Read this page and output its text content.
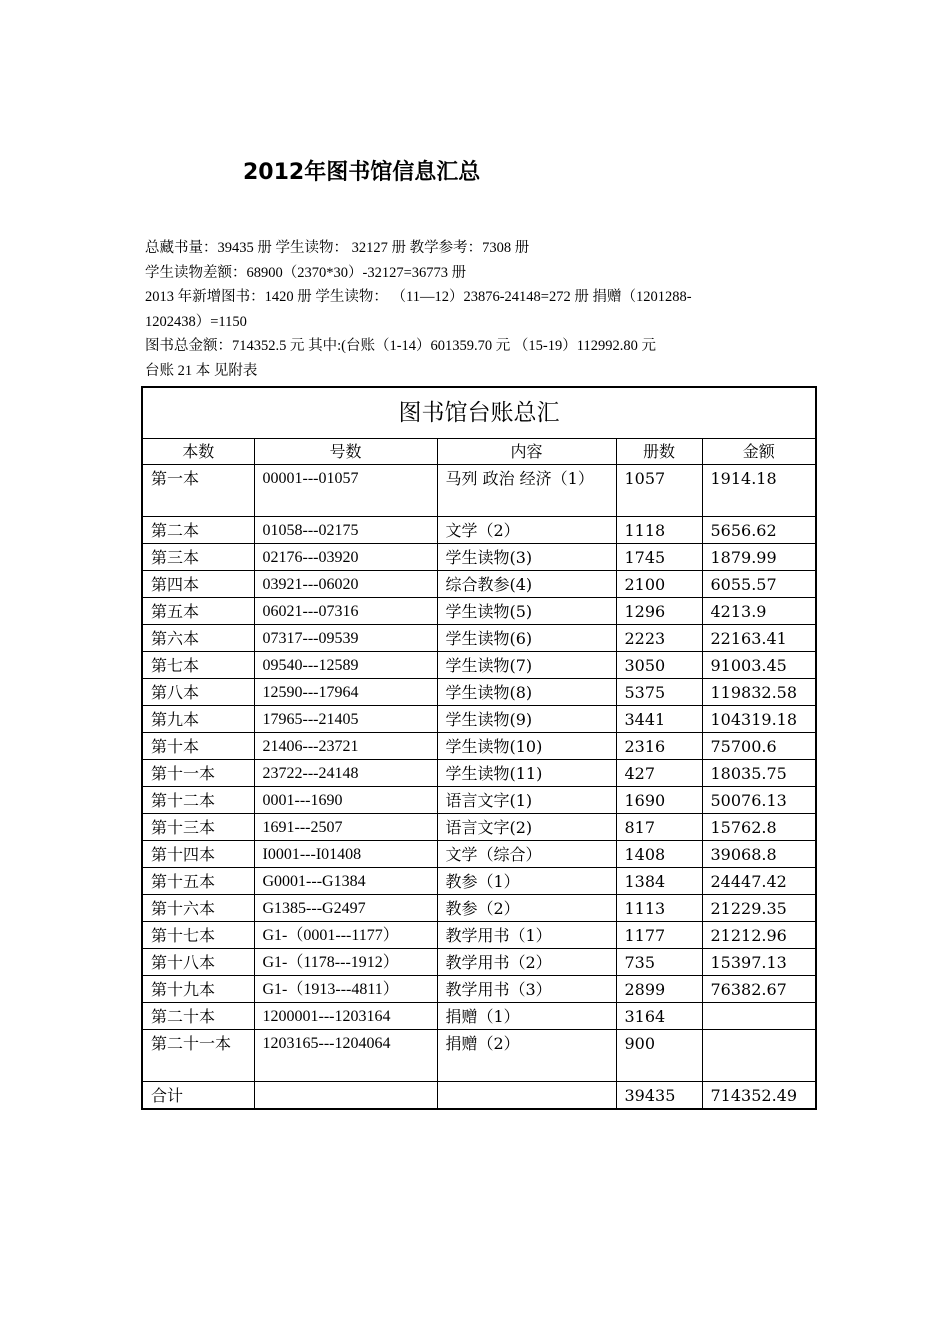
2012年图书馆信息汇总

总藏书量：39435 册 学生读物： 32127 册 教学参考：7308 册

学生读物差额：68900（2370*30）-32127=36773 册

2013 年新增图书：1420 册 学生读物： （11—12）23876-24148=272 册 捐赠（1201288-

1202438）=1150

图书总金额：714352.5 元 其中:(台账（1-14）601359.70 元 （15-19）112992.80 元

台账 21 本 见附表

图书馆台账总汇				
本数	号数	内容	册数	金额
第一本	00001---01057	马列 政治 经济（1）	1057	1914.18
第二本	01058---02175	文学（2）	1118	5656.62
第三本	02176---03920	学生读物(3)	1745	1879.99
第四本	03921---06020	综合教参(4)	2100	6055.57
第五本	06021---07316	学生读物(5)	1296	4213.9
第六本	07317---09539	学生读物(6)	2223	22163.41
第七本	09540---12589	学生读物(7)	3050	91003.45
第八本	12590---17964	学生读物(8)	5375	119832.58
第九本	17965---21405	学生读物(9)	3441	104319.18
第十本	21406---23721	学生读物(10)	2316	75700.6
第十一本	23722---24148	学生读物(11)	427	18035.75
第十二本	0001---1690	语言文字(1)	1690	50076.13
第十三本	1691---2507	语言文字(2)	817	15762.8
第十四本	I0001---I01408	文学（综合）	1408	39068.8
第十五本	G0001---G1384	教参（1）	1384	24447.42
第十六本	G1385---G2497	教参（2）	1113	21229.35
第十七本	G1-（0001---1177）	教学用书（1）	1177	21212.96
第十八本	G1-（1178---1912）	教学用书（2）	735	15397.13
第十九本	G1-（1913---4811）	教学用书（3）	2899	76382.67
第二十本	1200001---1203164	捐赠（1）	3164	
第二十一本	1203165---1204064	捐赠（2）	900	
合计			39435	714352.49
